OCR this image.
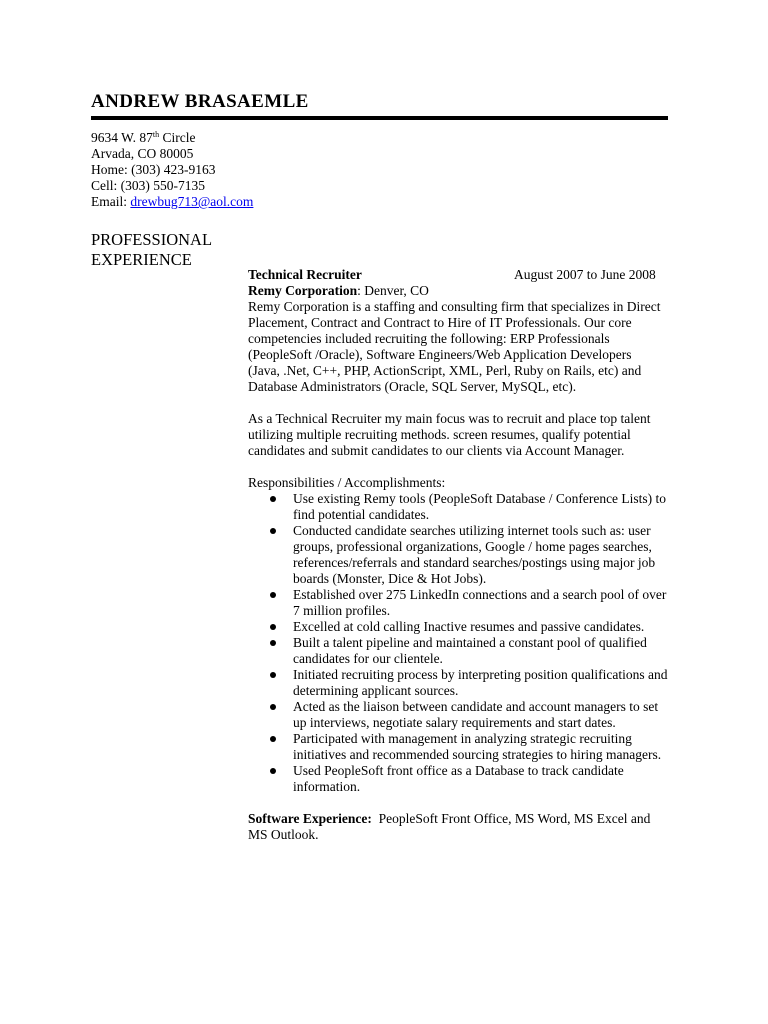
ANDREW BRASAEMLE
9634 W. 87th Circle
Arvada, CO 80005
Home: (303) 423-9163
Cell: (303) 550-7135
Email: drewbug713@aol.com
PROFESSIONAL
EXPERIENCE
Technical Recruiter	August 2007 to June 2008
Remy Corporation: Denver, CO
Remy Corporation is a staffing and consulting firm that specializes in Direct
Placement, Contract and Contract to Hire of IT Professionals. Our core
competencies included recruiting the following: ERP Professionals
(PeopleSoft /Oracle), Software Engineers/Web Application Developers
(Java, .Net, C++, PHP, ActionScript, XML, Perl, Ruby on Rails, etc) and
Database Administrators (Oracle, SQL Server, MySQL, etc).
As a Technical Recruiter my main focus was to recruit and place top talent
utilizing multiple recruiting methods. screen resumes, qualify potential
candidates and submit candidates to our clients via Account Manager.
Responsibilities / Accomplishments:
Use existing Remy tools (PeopleSoft Database / Conference Lists) to
find potential candidates.
Conducted candidate searches utilizing internet tools such as: user
groups, professional organizations, Google / home pages searches,
references/referrals and standard searches/postings using major job
boards (Monster, Dice & Hot Jobs).
Established over 275 LinkedIn connections and a search pool of over
7 million profiles.
Excelled at cold calling Inactive resumes and passive candidates.
Built a talent pipeline and maintained a constant pool of qualified
candidates for our clientele.
Initiated recruiting process by interpreting position qualifications and
determining applicant sources.
Acted as the liaison between candidate and account managers to set
up interviews, negotiate salary requirements and start dates.
Participated with management in analyzing strategic recruiting
initiatives and recommended sourcing strategies to hiring managers.
Used PeopleSoft front office as a Database to track candidate
information.
Software Experience:  PeopleSoft Front Office, MS Word, MS Excel and
MS Outlook.
